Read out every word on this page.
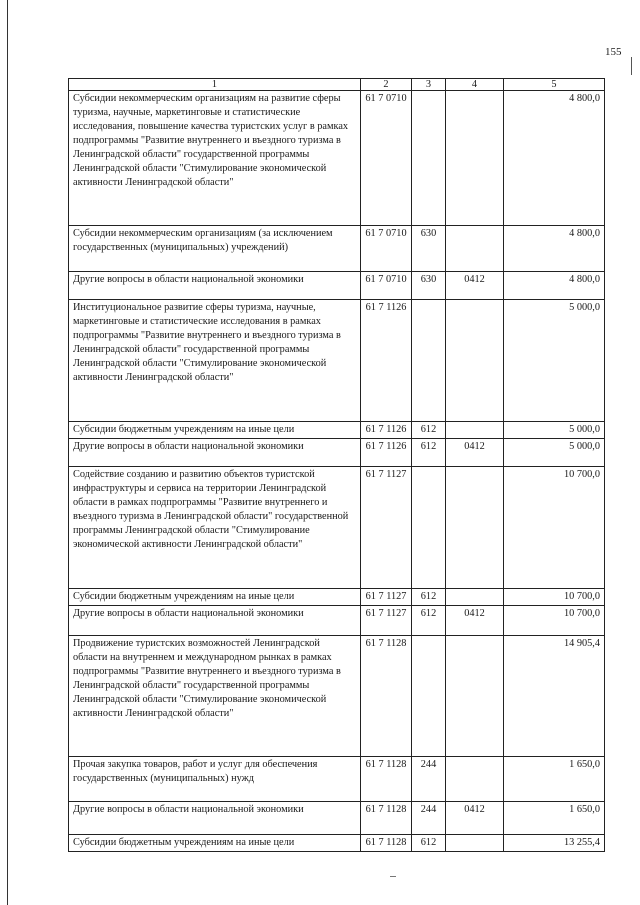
155
1	2	3	4	5
Субсидии некоммерческим организациям на развитие сферы туризма, научные, маркетинговые и статистические исследования, повышение качества туристских услуг в рамках подпрограммы "Развитие внутреннего и въездного туризма в Ленинградской области" государственной программы Ленинградской области "Стимулирование экономической активности Ленинградской области"	61 7 0710			4 800,0
Субсидии некоммерческим организациям (за исключением государственных (муниципальных) учреждений)	61 7 0710	630		4 800,0
Другие вопросы в области национальной экономики	61 7 0710	630	0412	4 800,0
Институциональное развитие сферы туризма, научные, маркетинговые и статистические исследования в рамках подпрограммы "Развитие внутреннего и въездного туризма в Ленинградской области" государственной программы Ленинградской области "Стимулирование экономической активности Ленинградской области"	61 7 1126			5 000,0
Субсидии бюджетным учреждениям на иные цели	61 7 1126	612		5 000,0
Другие вопросы в области национальной экономики	61 7 1126	612	0412	5 000,0
Содействие созданию и развитию объектов туристской инфраструктуры и сервиса на территории Ленинградской области в рамках подпрограммы "Развитие внутреннего и въездного туризма в Ленинградской области" государственной программы Ленинградской области "Стимулирование экономической активности Ленинградской области"	61 7 1127			10 700,0
Субсидии бюджетным учреждениям на иные цели	61 7 1127	612		10 700,0
Другие вопросы в области национальной экономики	61 7 1127	612	0412	10 700,0
Продвижение туристских возможностей Ленинградской области на внутреннем и международном рынках в рамках подпрограммы "Развитие внутреннего и въездного туризма в Ленинградской области" государственной программы Ленинградской области "Стимулирование экономической активности Ленинградской области"	61 7 1128			14 905,4
Прочая закупка товаров, работ и услуг для обеспечения государственных (муниципальных) нужд	61 7 1128	244		1 650,0
Другие вопросы в области национальной экономики	61 7 1128	244	0412	1 650,0
Субсидии бюджетным учреждениям на иные цели	61 7 1128	612		13 255,4
